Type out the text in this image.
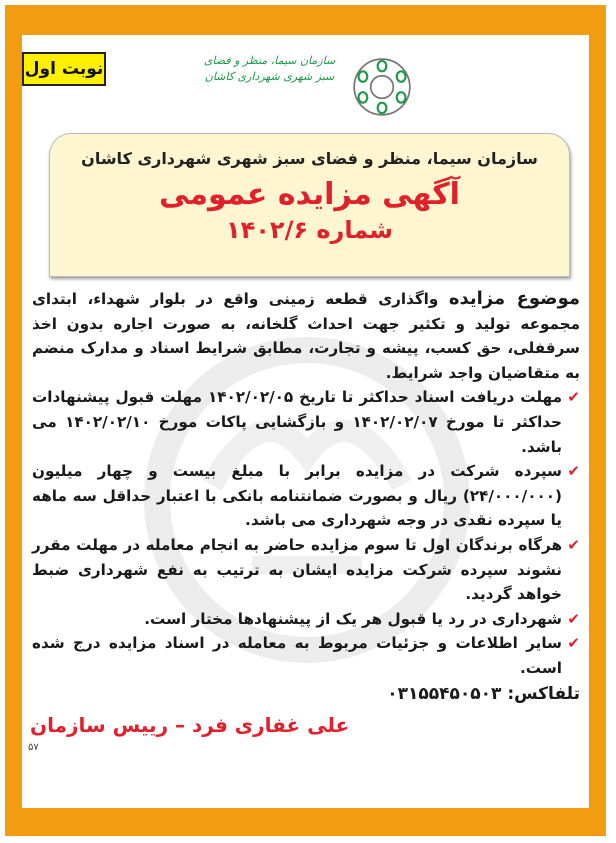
نوبت اول	سازمان سیما، منظر و فضای سبز شهری شهرداری کاشان
سازمان سیما، منظر و فضای سبز شهری شهرداری کاشان
آگهی مزایده عمومی
شماره ۱۴۰۲/۶

موضوع مزایده واگذاری قطعه زمینی واقع در بلوار شهداء، ابتدای مجموعه تولید و تکثیر جهت احداث گلخانه، به صورت اجاره بدون اخذ سرقفلی، حق کسب، پیشه و تجارت، مطابق شرایط اسناد و مدارک منضم به متقاضیان واجد شرایط.

✔
مهلت دریافت اسناد حداکثر تا تاریخ ۱۴۰۲/۰۲/۰۵ مهلت قبول پیشنهادات حداکثر تا مورخ ۱۴۰۲/۰۲/۰۷ و بازگشایی پاکات مورخ ۱۴۰۲/۰۲/۱۰ می باشد.

✔
سپرده شرکت در مزایده برابر با مبلغ بیست و چهار میلیون (۲۴/۰۰۰/۰۰۰) ریال و بصورت ضمانتنامه بانکی با اعتبار حداقل سه ماهه یا سپرده نقدی در وجه شهرداری می باشد.

✔
هرگاه برندگان اول تا سوم مزایده حاضر به انجام معامله در مهلت مقرر نشوند سپرده شرکت مزایده ایشان به ترتیب به نفع شهرداری ضبط خواهد گردید.

✔
شهرداری در رد یا قبول هر یک از پیشنهادها مختار است.

✔
سایر اطلاعات و جزئیات مربوط به معامله در اسناد مزایده درج شده است.

تلفاکس: ۰۳۱۵۵۴۵۰۵۰۳

علی غفاری فرد – رییس سازمان
۵۷
